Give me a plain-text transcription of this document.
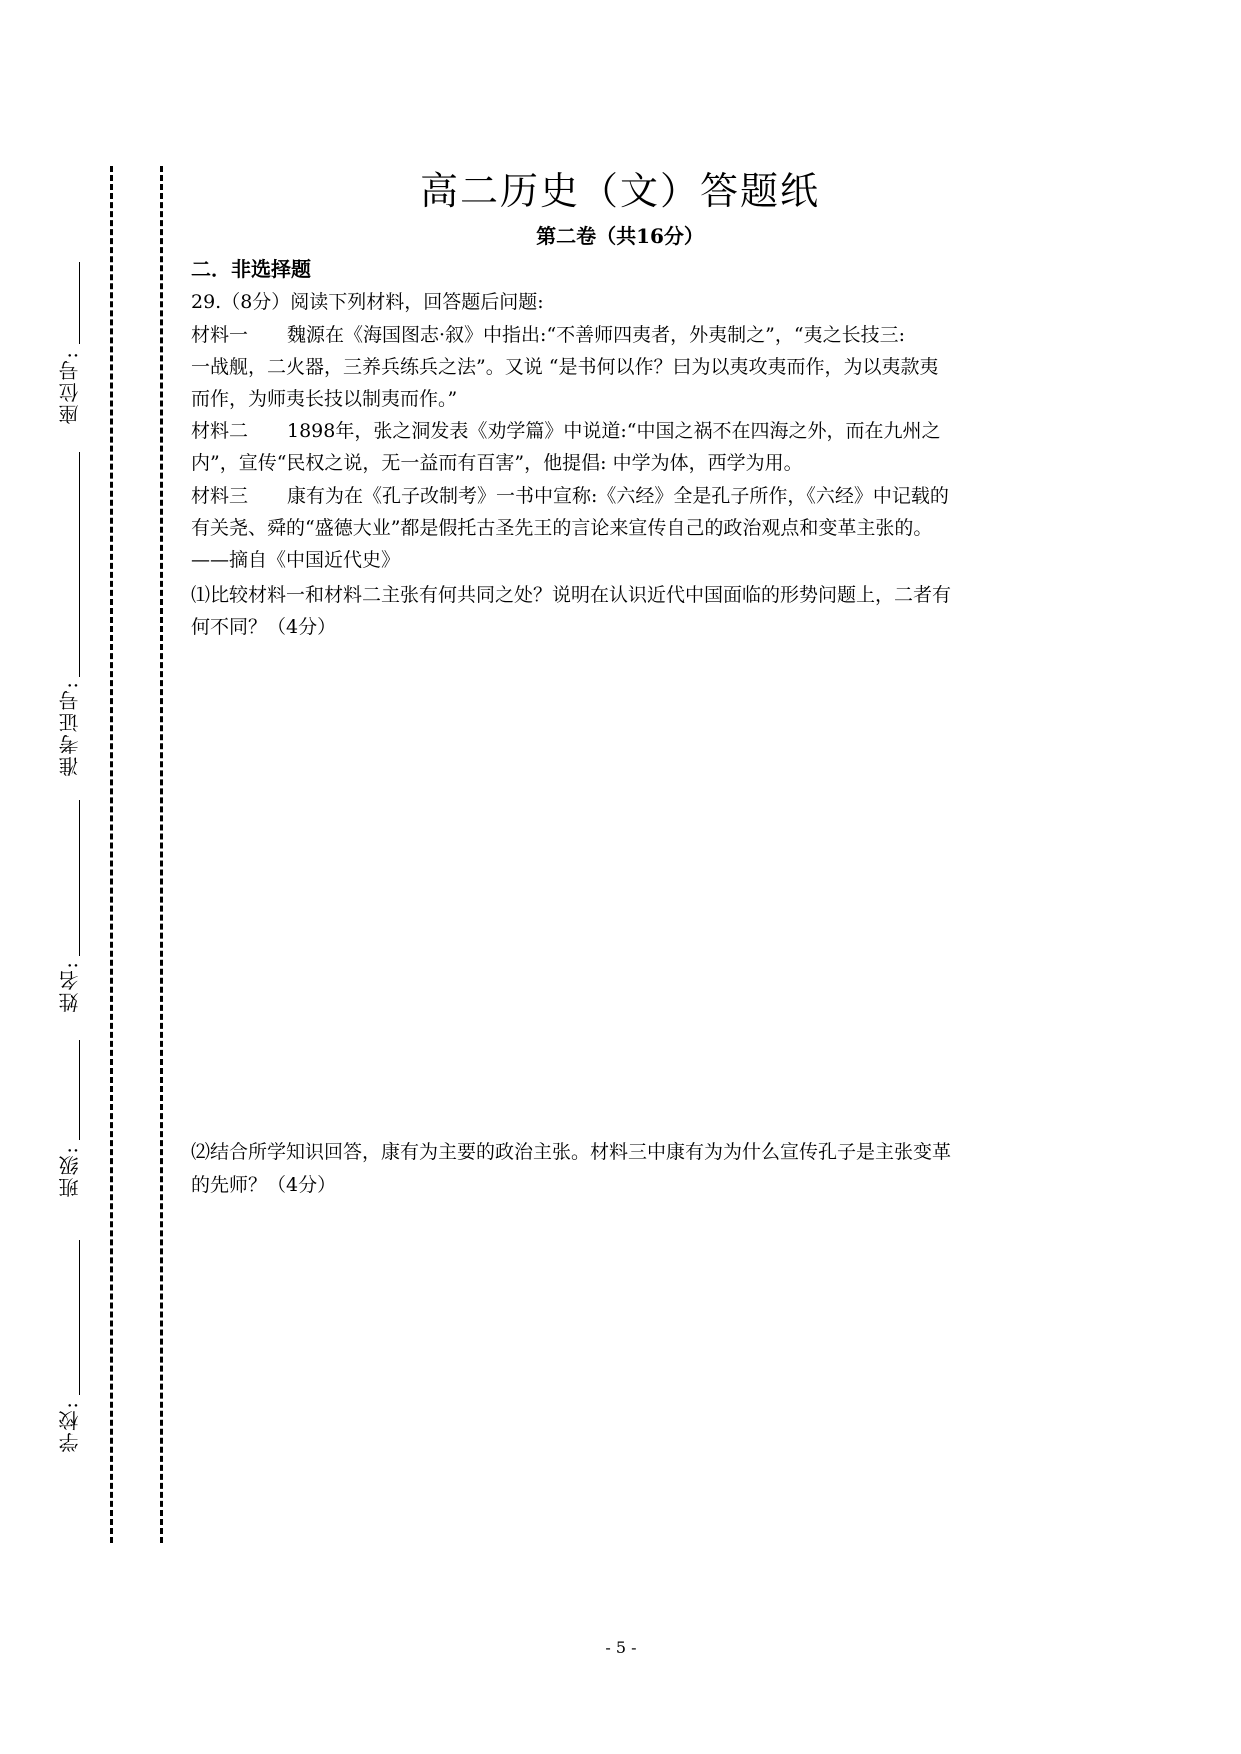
座位号:
准考证号:
姓名:
班级:
学校:
高二历史（文）答题纸
第二卷（共16分）
二．非选择题
29.（8分）阅读下列材料，回答题后问题:
材料一 魏源在《海国图志·叙》中指出:“不善师四夷者，外夷制之”，“夷之长技三:
一战舰，二火器，三养兵练兵之法”。又说 “是书何以作？曰为以夷攻夷而作，为以夷款夷
而作，为师夷长技以制夷而作。”
材料二 1898年，张之洞发表《劝学篇》中说道:“中国之祸不在四海之外，而在九州之
内”，宣传“民权之说，无一益而有百害”，他提倡: 中学为体，西学为用。
材料三 康有为在《孔子改制考》一书中宣称:《六经》全是孔子所作，《六经》中记载的
有关尧、舜的“盛德大业”都是假托古圣先王的言论来宣传自己的政治观点和变革主张的。
——摘自《中国近代史》
⑴比较材料一和材料二主张有何共同之处？说明在认识近代中国面临的形势问题上，二者有
何不同？（4分）
⑵结合所学知识回答，康有为主要的政治主张。材料三中康有为为什么宣传孔子是主张变革
的先师？（4分）
- 5 -
